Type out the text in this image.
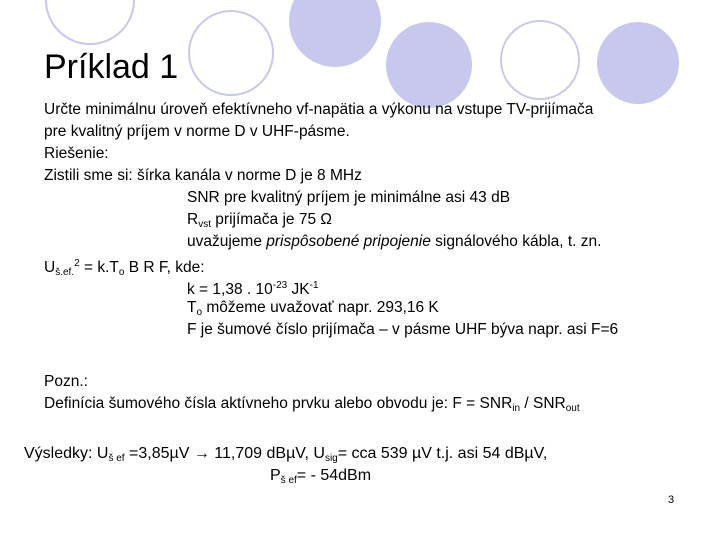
Príklad 1
Určte minimálnu úroveň efektívneho vf-napätia a výkonu na vstupe TV-prijímača
pre kvalitný príjem v norme D v UHF-pásme.
Riešenie:
Zistili sme si: šírka kanála v norme D je 8 MHz
SNR pre kvalitný príjem je minimálne asi 43 dB
$R_{vst}$ prijímača je 75 Ω
uvažujeme prispôsobené pripojenie signálového kábla, t. zn.
$U_{š.ef.}^2 = k.T_o$ B R F, kde:
k = 1,38 . $10^{-23}$ $JK^{-1}$
$T_o$ môžeme uvažovať napr. 293,16 K
F je šumové číslo prijímača – v pásme UHF býva napr. asi F=6
Pozn.:
Definícia šumového čísla aktívneho prvku alebo obvodu je: $F = SNR_{in} / SNR_{out}$
Výsledky: $U_{š ef} =3,85\mu V \to 11,709$ dBµV, $U_{sig}=$ cca 539 µV t.j. asi 54 dBµV,
$P_{š ef}= - 54dBm$
3
